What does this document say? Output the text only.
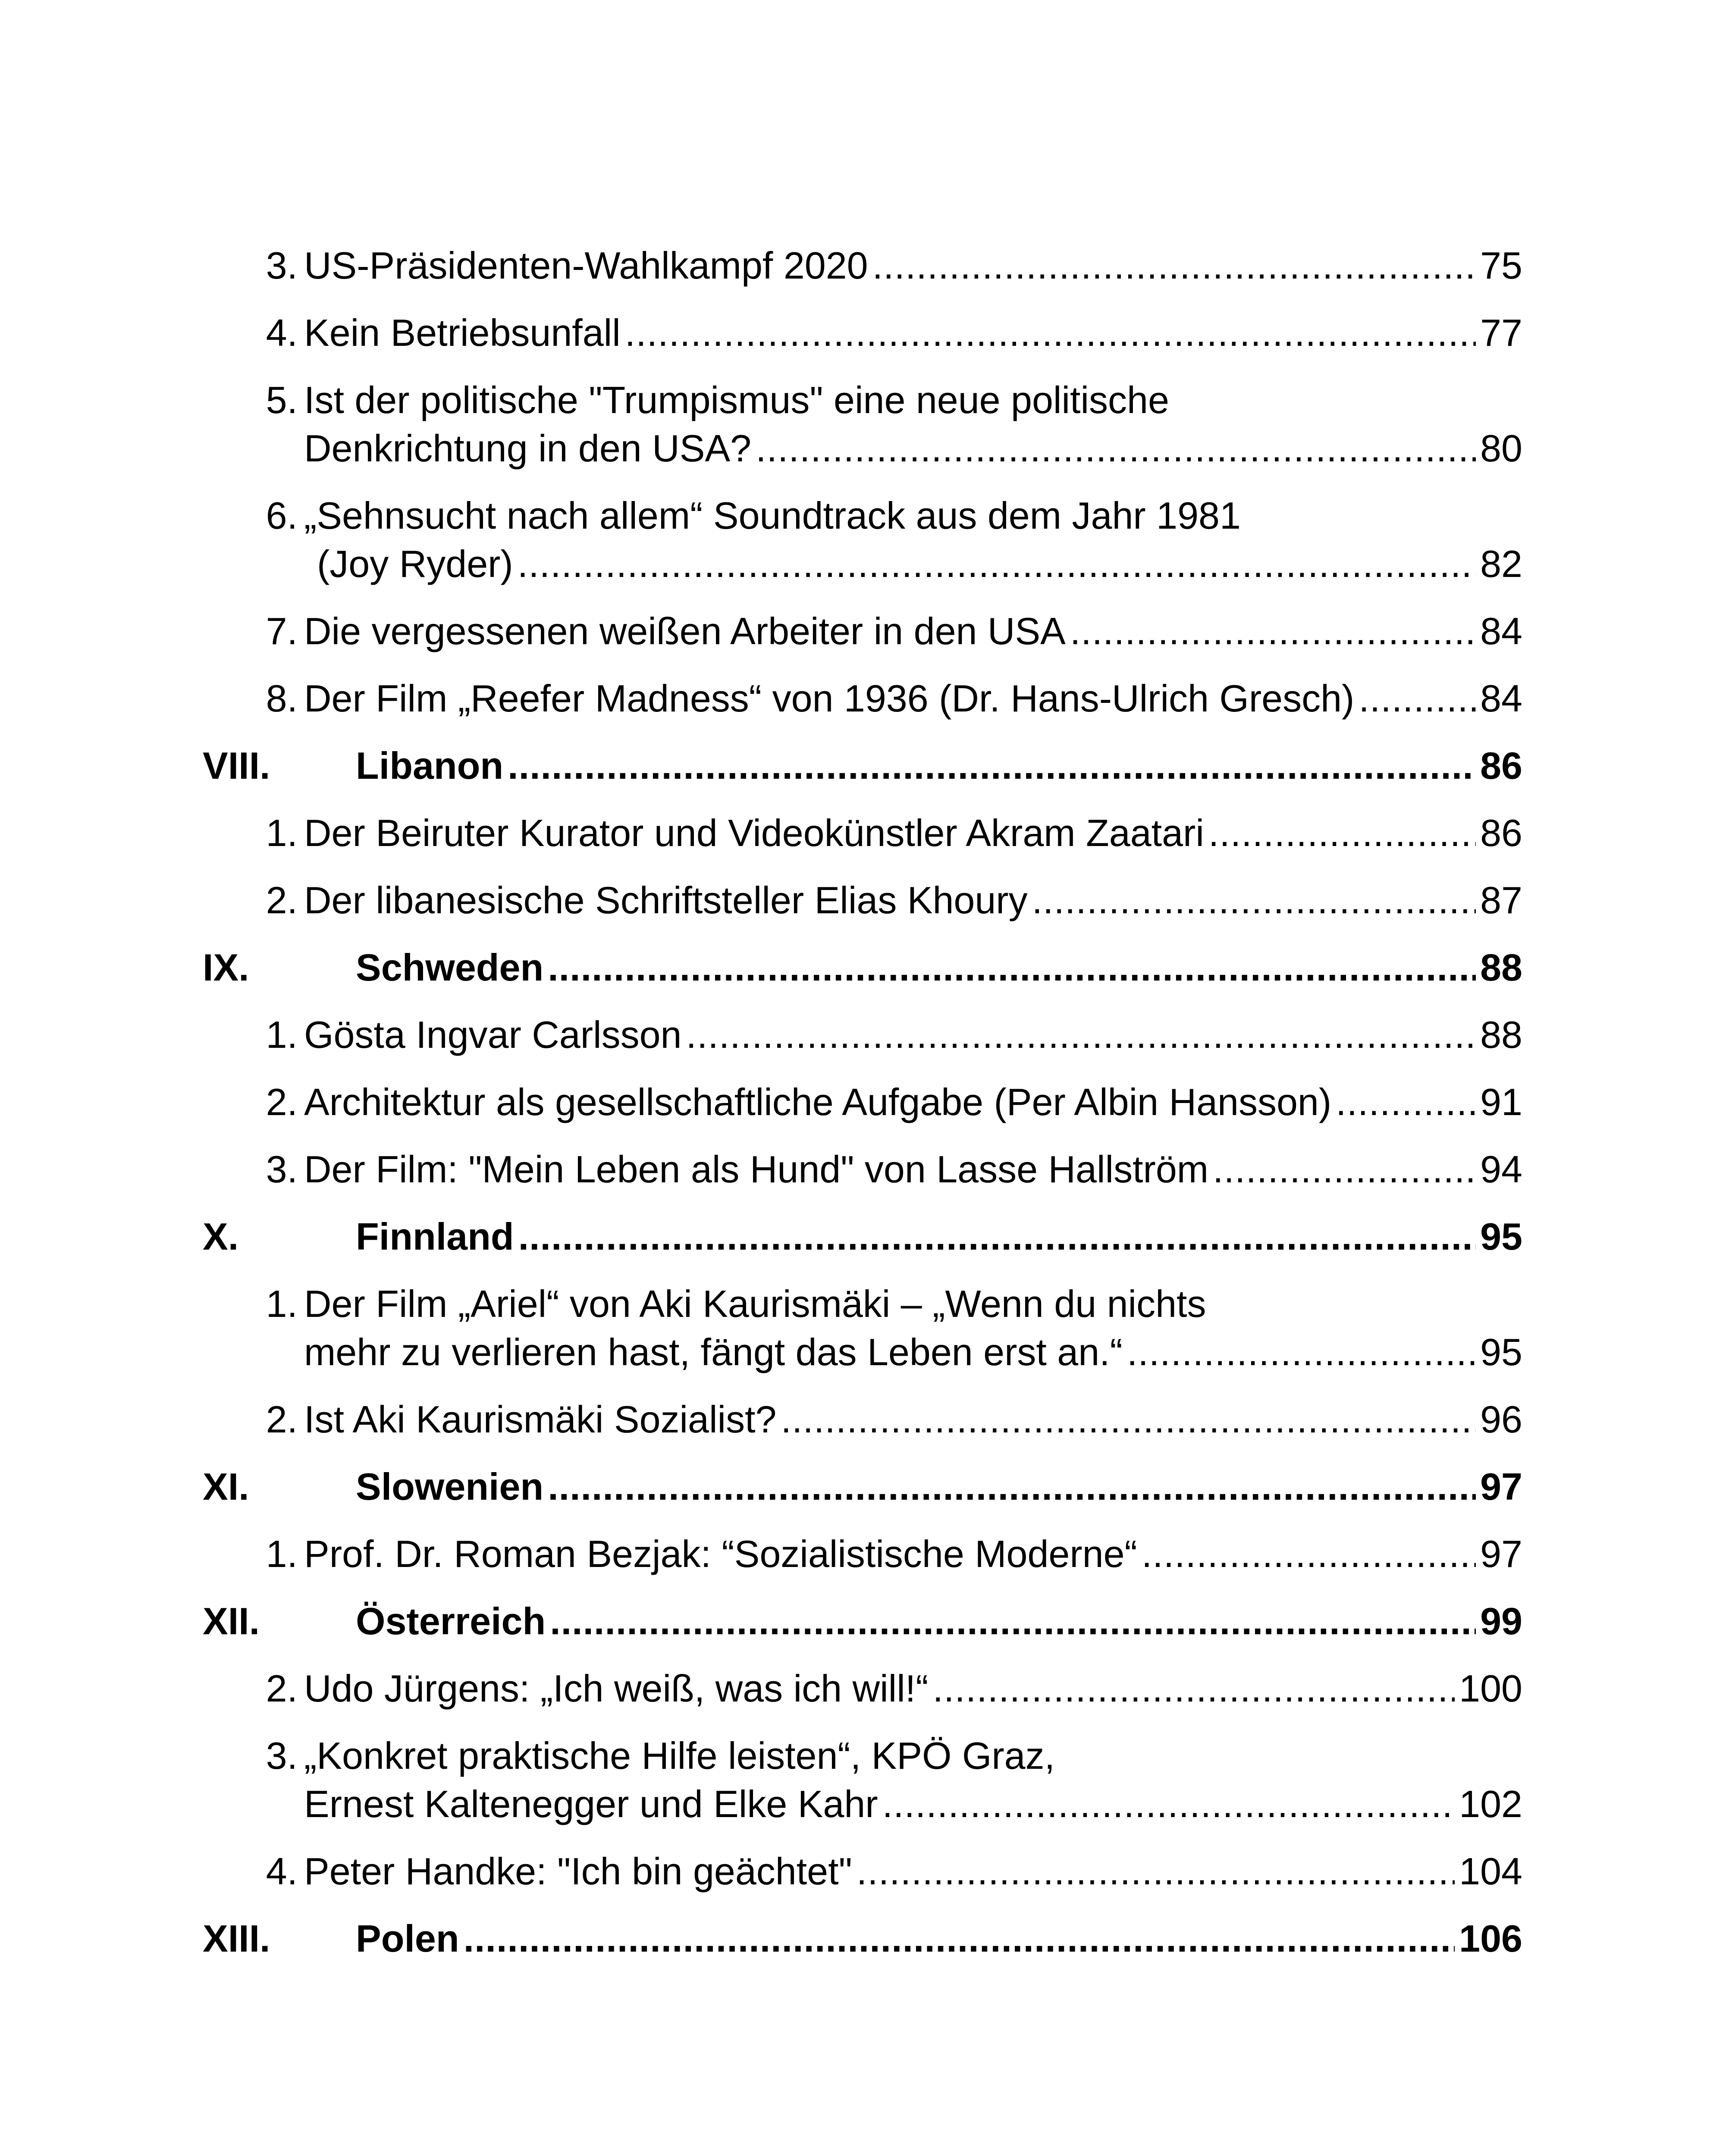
3. US-Präsidenten-Wahlkampf 2020 .....	75
4. Kein Betriebsunfall .....	77
5. Ist der politische "Trumpismus" eine neue politische
Denkrichtung in den USA? .....	80
6. „Sehnsucht nach allem“ Soundtrack aus dem Jahr 1981
(Joy Ryder) .....	82
7. Die vergessenen weißen Arbeiter in den USA .....	84
8. Der Film „Reefer Madness“ von 1936 (Dr. Hans-Ulrich Gresch) .....	84
VIII.	Libanon .....	86
1. Der Beiruter Kurator und Videokünstler Akram Zaatari .....	86
2. Der libanesische Schriftsteller Elias Khoury .....	87
IX.	Schweden .....	88
1. Gösta Ingvar Carlsson .....	88
2. Architektur als gesellschaftliche Aufgabe (Per Albin Hansson) .....	91
3. Der Film: "Mein Leben als Hund" von Lasse Hallström .....	94
X.	Finnland .....	95
1. Der Film „Ariel“ von Aki Kaurismäki – „Wenn du nichts
mehr zu verlieren hast, fängt das Leben erst an.“ .....	95
2. Ist Aki Kaurismäki Sozialist? .....	96
XI.	Slowenien .....	97
1. Prof. Dr. Roman Bezjak: “Sozialistische Moderne“ .....	97
XII.	Österreich .....	99
2. Udo Jürgens: „Ich weiß, was ich will!“ .....	100
3. „Konkret praktische Hilfe leisten“, KPÖ Graz,
Ernest Kaltenegger und Elke Kahr .....	102
4. Peter Handke: "Ich bin geächtet" .....	104
XIII.	Polen .....	106
